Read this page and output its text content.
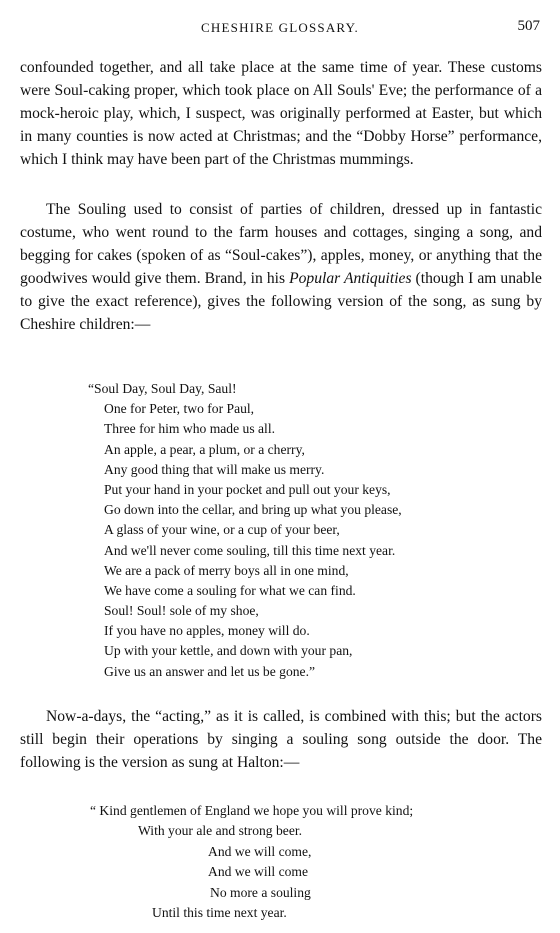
CHESHIRE GLOSSARY.	507

confounded together, and all take place at the same time of year. These customs were Soul-caking proper, which took place on All Souls' Eve; the performance of a mock-heroic play, which, I suspect, was originally performed at Easter, but which in many counties is now acted at Christmas; and the “Dobby Horse” performance, which I think may have been part of the Christmas mummings.

The Souling used to consist of parties of children, dressed up in fantastic costume, who went round to the farm houses and cottages, singing a song, and begging for cakes (spoken of as “Soul-cakes”), apples, money, or anything that the goodwives would give them. Brand, in his Popular Antiquities (though I am unable to give the exact reference), gives the following version of the song, as sung by Cheshire children:—

“Soul Day, Soul Day, Saul!
One for Peter, two for Paul,
Three for him who made us all.
An apple, a pear, a plum, or a cherry,
Any good thing that will make us merry.
Put your hand in your pocket and pull out your keys,
Go down into the cellar, and bring up what you please,
A glass of your wine, or a cup of your beer,
And we'll never come souling, till this time next year.
We are a pack of merry boys all in one mind,
We have come a souling for what we can find.
Soul! Soul! sole of my shoe,
If you have no apples, money will do.
Up with your kettle, and down with your pan,
Give us an answer and let us be gone.”

Now-a-days, the “acting,” as it is called, is combined with this; but the actors still begin their operations by singing a souling song outside the door. The following is the version as sung at Halton:—

“ Kind gentlemen of England we hope you will prove kind;
With your ale and strong beer.
And we will come,
And we will come
No more a souling
Until this time next year.
